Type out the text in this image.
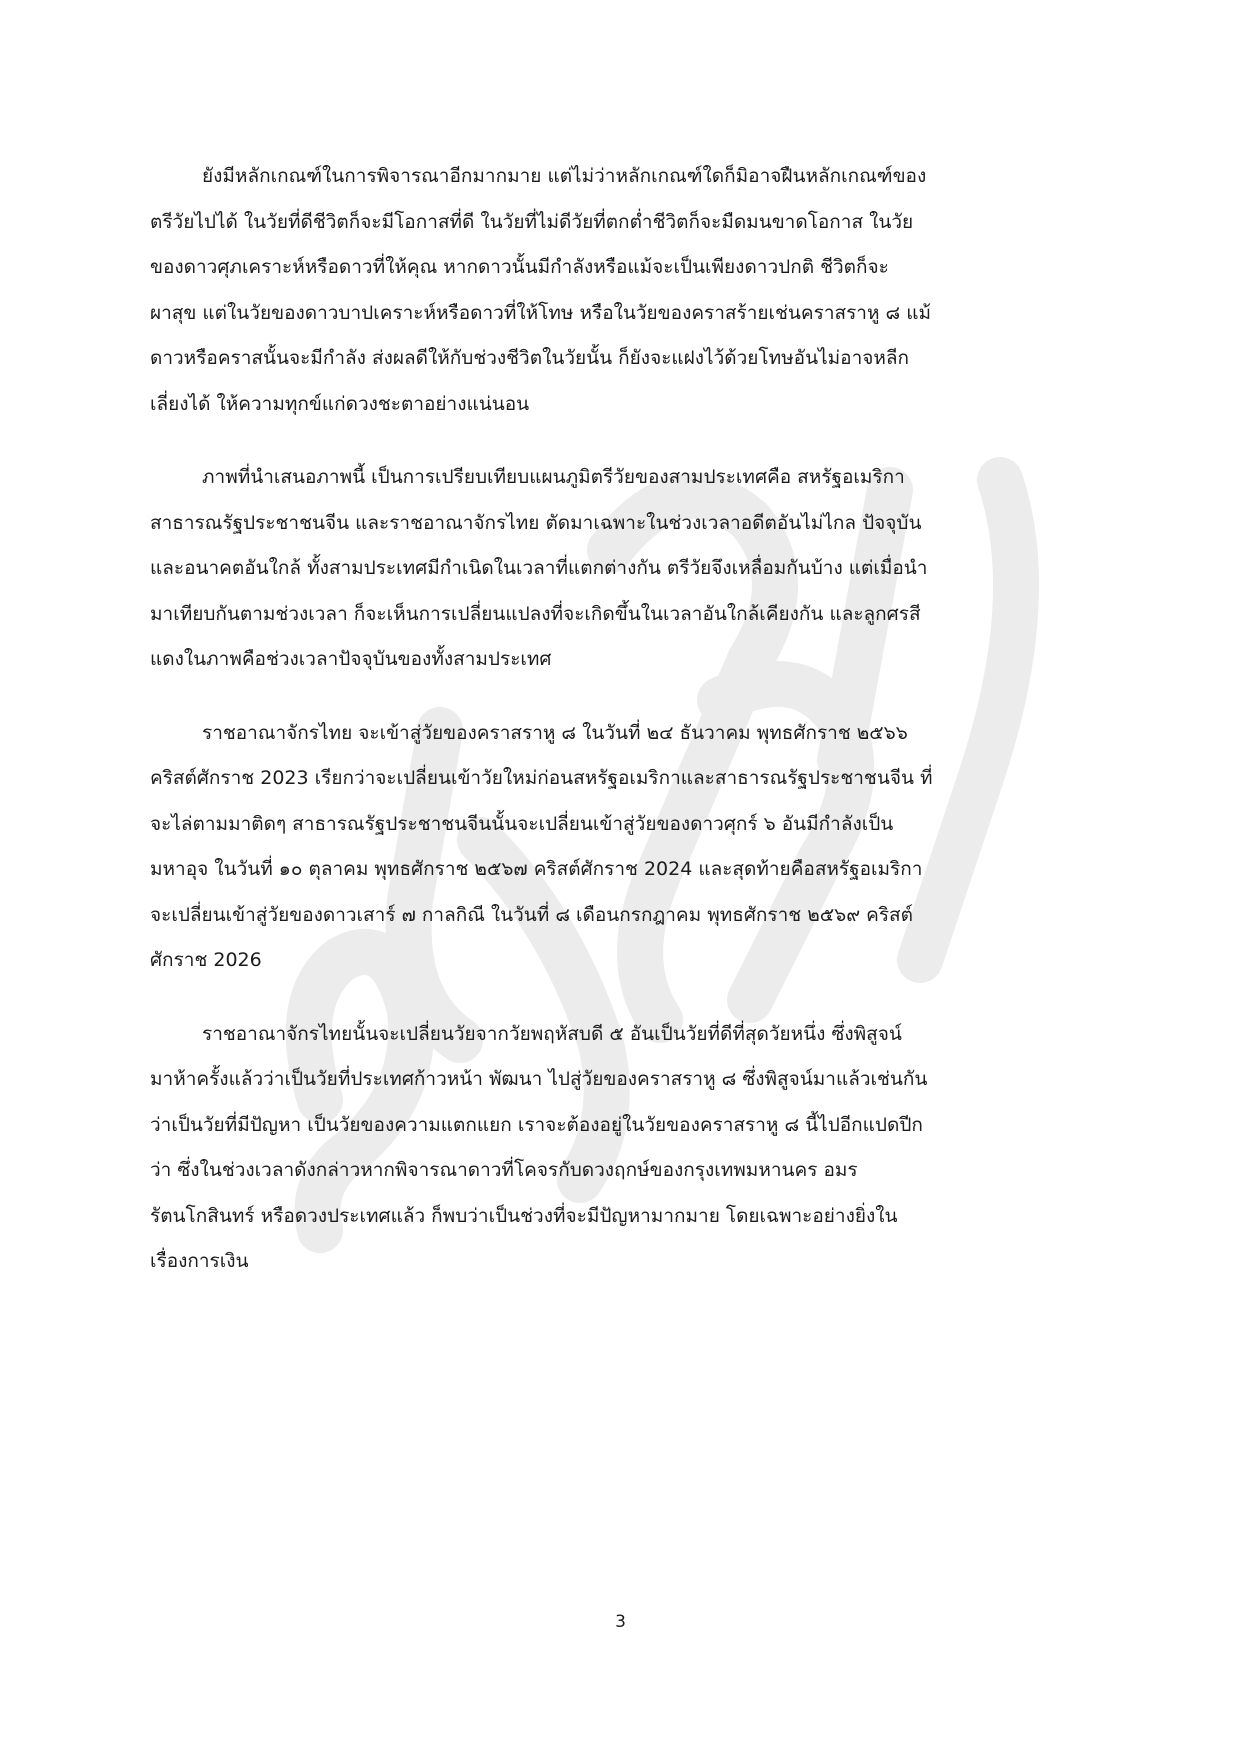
ยังมีหลักเกณฑ์ในการพิจารณาอีกมากมาย แต่ไม่ว่าหลักเกณฑ์ใดก็มิอาจฝืนหลักเกณฑ์ของ
ตรีวัยไปได้ ในวัยที่ดีชีวิตก็จะมีโอกาสที่ดี ในวัยที่ไม่ดีวัยที่ตกต่ำชีวิตก็จะมืดมนขาดโอกาส ในวัย
ของดาวศุภเคราะห์หรือดาวที่ให้คุณ หากดาวนั้นมีกำลังหรือแม้จะเป็นเพียงดาวปกติ ชีวิตก็จะ
ผาสุข แต่ในวัยของดาวบาปเคราะห์หรือดาวที่ให้โทษ หรือในวัยของคราสร้ายเช่นคราสราหู ๘ แม้
ดาวหรือคราสนั้นจะมีกำลัง ส่งผลดีให้กับช่วงชีวิตในวัยนั้น ก็ยังจะแฝงไว้ด้วยโทษอันไม่อาจหลีก
เลี่ยงได้ ให้ความทุกข์แก่ดวงชะตาอย่างแน่นอน
ภาพที่นำเสนอภาพนี้ เป็นการเปรียบเทียบแผนภูมิตรีวัยของสามประเทศคือ สหรัฐอเมริกา
สาธารณรัฐประชาชนจีน และราชอาณาจักรไทย ตัดมาเฉพาะในช่วงเวลาอดีตอันไม่ไกล ปัจจุบัน
และอนาคตอันใกล้ ทั้งสามประเทศมีกำเนิดในเวลาที่แตกต่างกัน ตรีวัยจึงเหลื่อมกันบ้าง แต่เมื่อนำ
มาเทียบกันตามช่วงเวลา ก็จะเห็นการเปลี่ยนแปลงที่จะเกิดขึ้นในเวลาอันใกล้เคียงกัน และลูกศรสี
แดงในภาพคือช่วงเวลาปัจจุบันของทั้งสามประเทศ
ราชอาณาจักรไทย จะเข้าสู่วัยของคราสราหู ๘ ในวันที่ ๒๔ ธันวาคม พุทธศักราช ๒๕๖๖
คริสต์ศักราช 2023 เรียกว่าจะเปลี่ยนเข้าวัยใหม่ก่อนสหรัฐอเมริกาและสาธารณรัฐประชาชนจีน ที่
จะไล่ตามมาติดๆ สาธารณรัฐประชาชนจีนนั้นจะเปลี่ยนเข้าสู่วัยของดาวศุกร์ ๖ อันมีกำลังเป็น
มหาอุจ ในวันที่ ๑๐ ตุลาคม พุทธศักราช ๒๕๖๗ คริสต์ศักราช 2024 และสุดท้ายคือสหรัฐอเมริกา
จะเปลี่ยนเข้าสู่วัยของดาวเสาร์ ๗ กาลกิณี ในวันที่ ๘ เดือนกรกฎาคม พุทธศักราช ๒๕๖๙ คริสต์
ศักราช 2026
ราชอาณาจักรไทยนั้นจะเปลี่ยนวัยจากวัยพฤหัสบดี ๕ อันเป็นวัยที่ดีที่สุดวัยหนึ่ง ซึ่งพิสูจน์
มาห้าครั้งแล้วว่าเป็นวัยที่ประเทศก้าวหน้า พัฒนา ไปสู่วัยของคราสราหู ๘ ซึ่งพิสูจน์มาแล้วเช่นกัน
ว่าเป็นวัยที่มีปัญหา เป็นวัยของความแตกแยก เราจะต้องอยู่ในวัยของคราสราหู ๘ นี้ไปอีกแปดปีก
ว่า ซึ่งในช่วงเวลาดังกล่าวหากพิจารณาดาวที่โคจรกับดวงฤกษ์ของกรุงเทพมหานคร อมร
รัตนโกสินทร์ หรือดวงประเทศแล้ว ก็พบว่าเป็นช่วงที่จะมีปัญหามากมาย โดยเฉพาะอย่างยิ่งใน
เรื่องการเงิน
3
